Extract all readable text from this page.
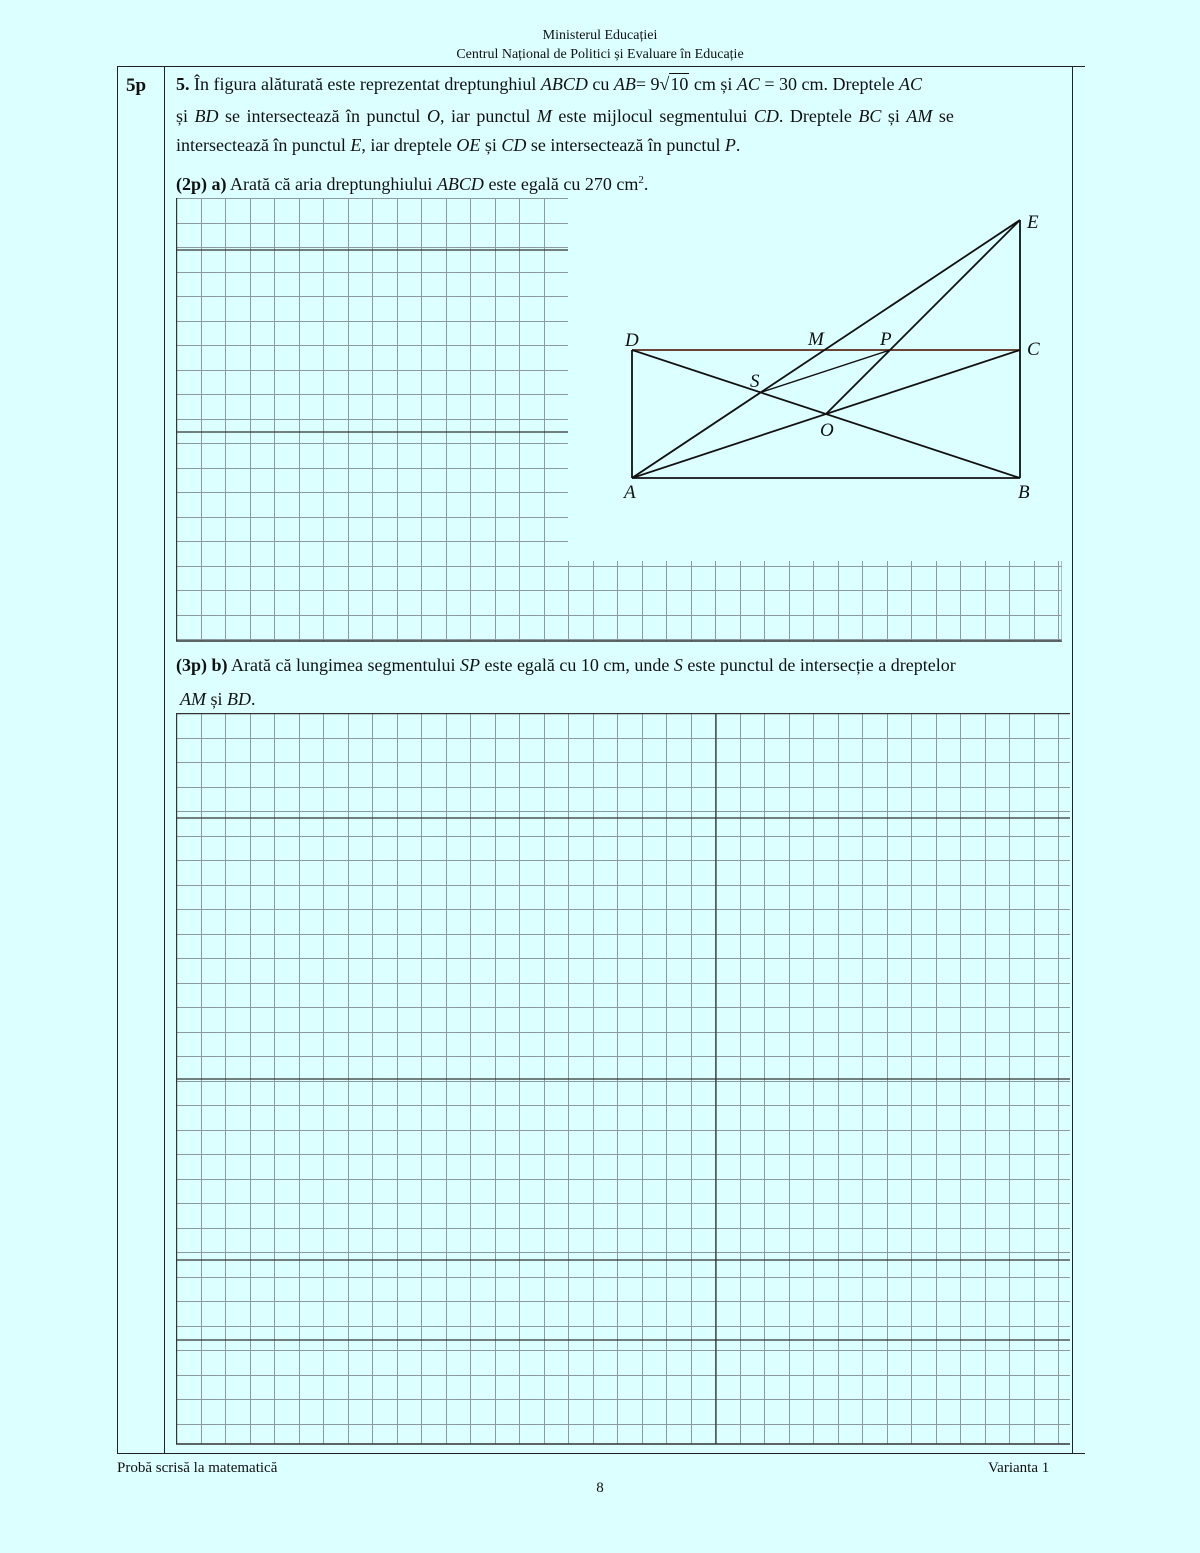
Ministerul Educației
Centrul Național de Politici și Evaluare în Educație
5p 5. În figura alăturată este reprezentat dreptunghiul ABCD cu AB= 9√10 cm și AC = 30 cm. Dreptele AC
și BD se intersectează în punctul O, iar punctul M este mijlocul segmentului CD. Dreptele BC și AM se
intersectează în punctul E, iar dreptele OE și CD se intersectează în punctul P.
(2p) a) Arată că aria dreptunghiului ABCD este egală cu 270 $cm^2$.
E
D	M	P	C
S
O
A	B
(3p) b) Arată că lungimea segmentului SP este egală cu 10 cm, unde S este punctul de intersecție a dreptelor
AM și BD.
Probă scrisă la matematică	Varianta 1
8
